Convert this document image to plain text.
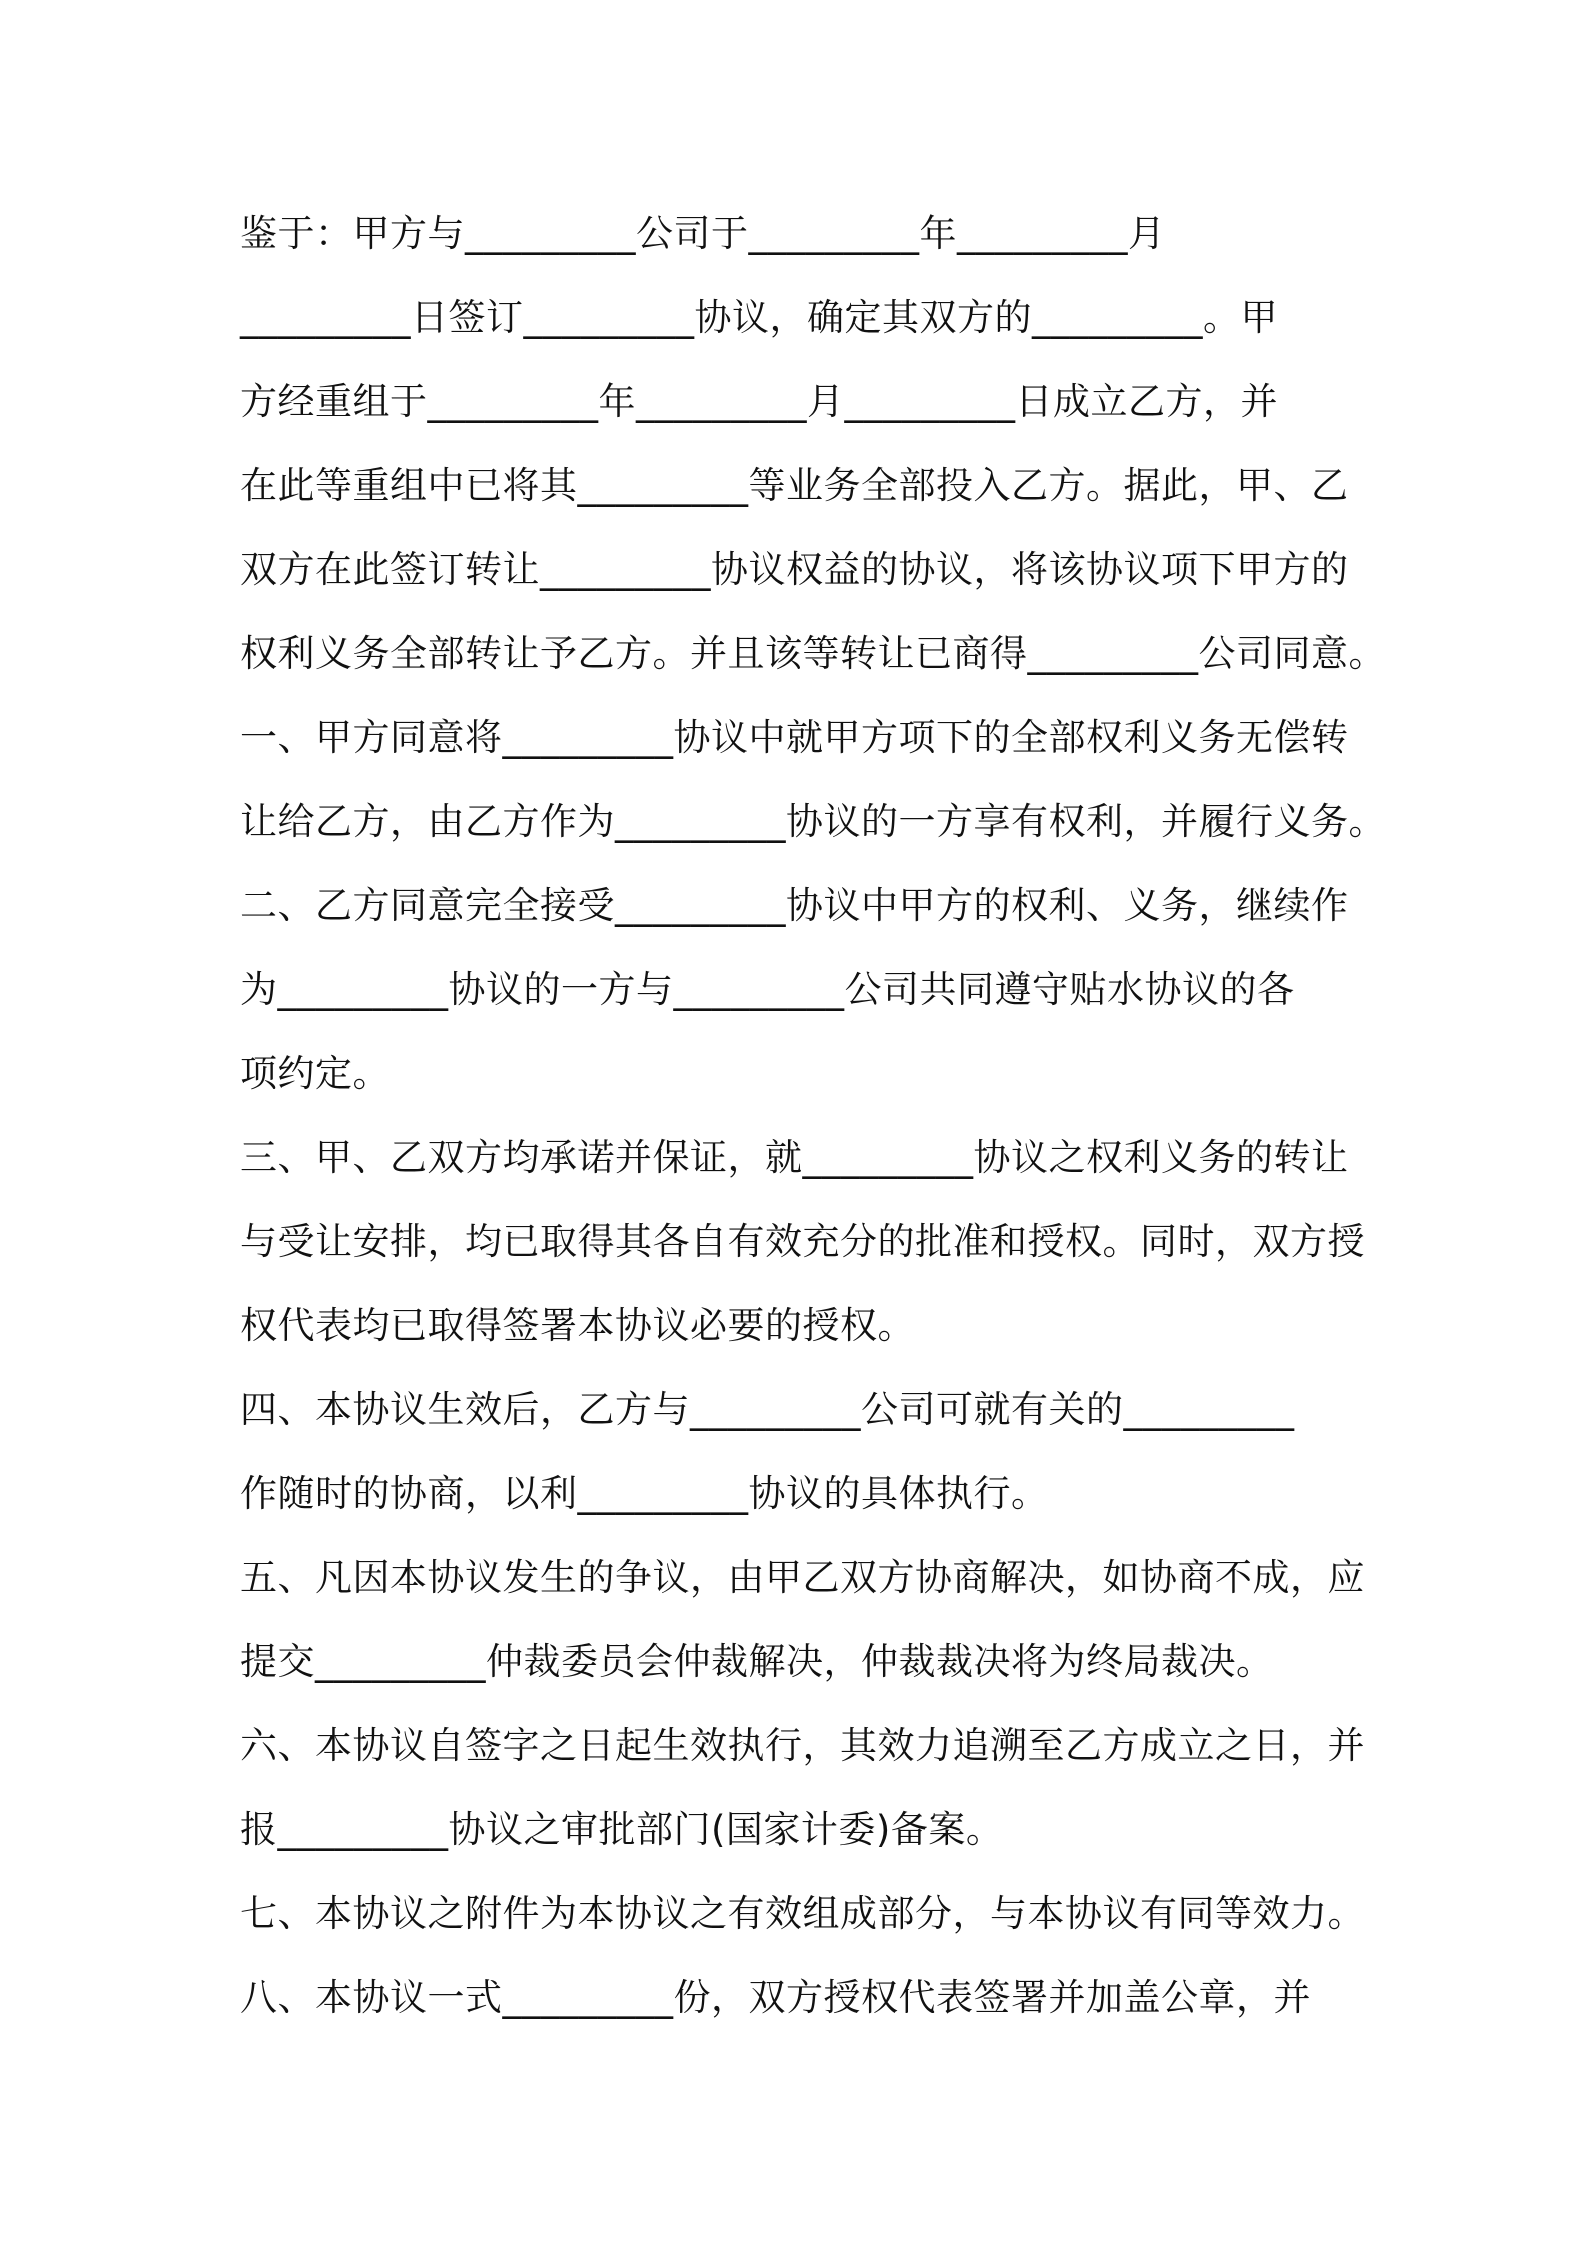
鉴于：甲方与_________公司于_________年_________月
_________日签订_________协议，确定其双方的_________。甲
方经重组于_________年_________月_________日成立乙方，并
在此等重组中已将其_________等业务全部投入乙方。据此，甲、乙
双方在此签订转让_________协议权益的协议，将该协议项下甲方的
权利义务全部转让予乙方。并且该等转让已商得_________公司同意。
一、甲方同意将_________协议中就甲方项下的全部权利义务无偿转
让给乙方，由乙方作为_________协议的一方享有权利，并履行义务。
二、乙方同意完全接受_________协议中甲方的权利、义务，继续作
为_________协议的一方与_________公司共同遵守贴水协议的各
项约定。
三、甲、乙双方均承诺并保证，就_________协议之权利义务的转让
与受让安排，均已取得其各自有效充分的批准和授权。同时，双方授
权代表均已取得签署本协议必要的授权。
四、本协议生效后，乙方与_________公司可就有关的_________
作随时的协商，以利_________协议的具体执行。
五、凡因本协议发生的争议，由甲乙双方协商解决，如协商不成，应
提交_________仲裁委员会仲裁解决，仲裁裁决将为终局裁决。
六、本协议自签字之日起生效执行，其效力追溯至乙方成立之日，并
报_________协议之审批部门(国家计委)备案。
七、本协议之附件为本协议之有效组成部分，与本协议有同等效力。
八、本协议一式_________份，双方授权代表签署并加盖公章，并
